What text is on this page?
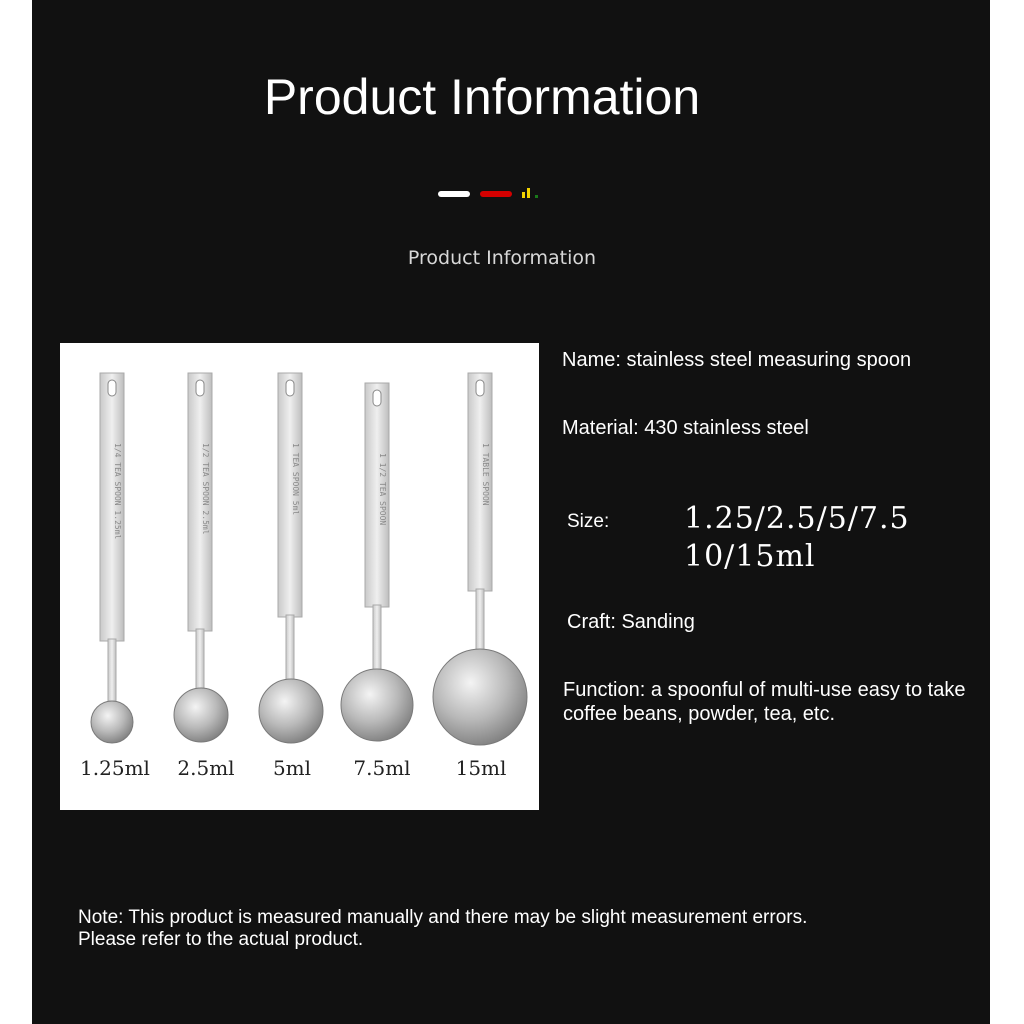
Product Information

Product Information

1/4 TEA SPOON 1.25ml
1.25ml
1/2 TEA SPOON 2.5ml
2.5ml
1 TEA SPOON 5ml
5ml
1 1/2 TEA SPOON
7.5ml
1 TABLE SPOON
15ml

Name: stainless steel measuring spoon

Material: 430 stainless steel

Size: 1.25/2.5/5/7.5
10/15ml

Craft: Sanding

Function: a spoonful of multi-use easy to take coffee beans, powder, tea, etc.

Note: This product is measured manually and there may be slight measurement errors.
Please refer to the actual product.
